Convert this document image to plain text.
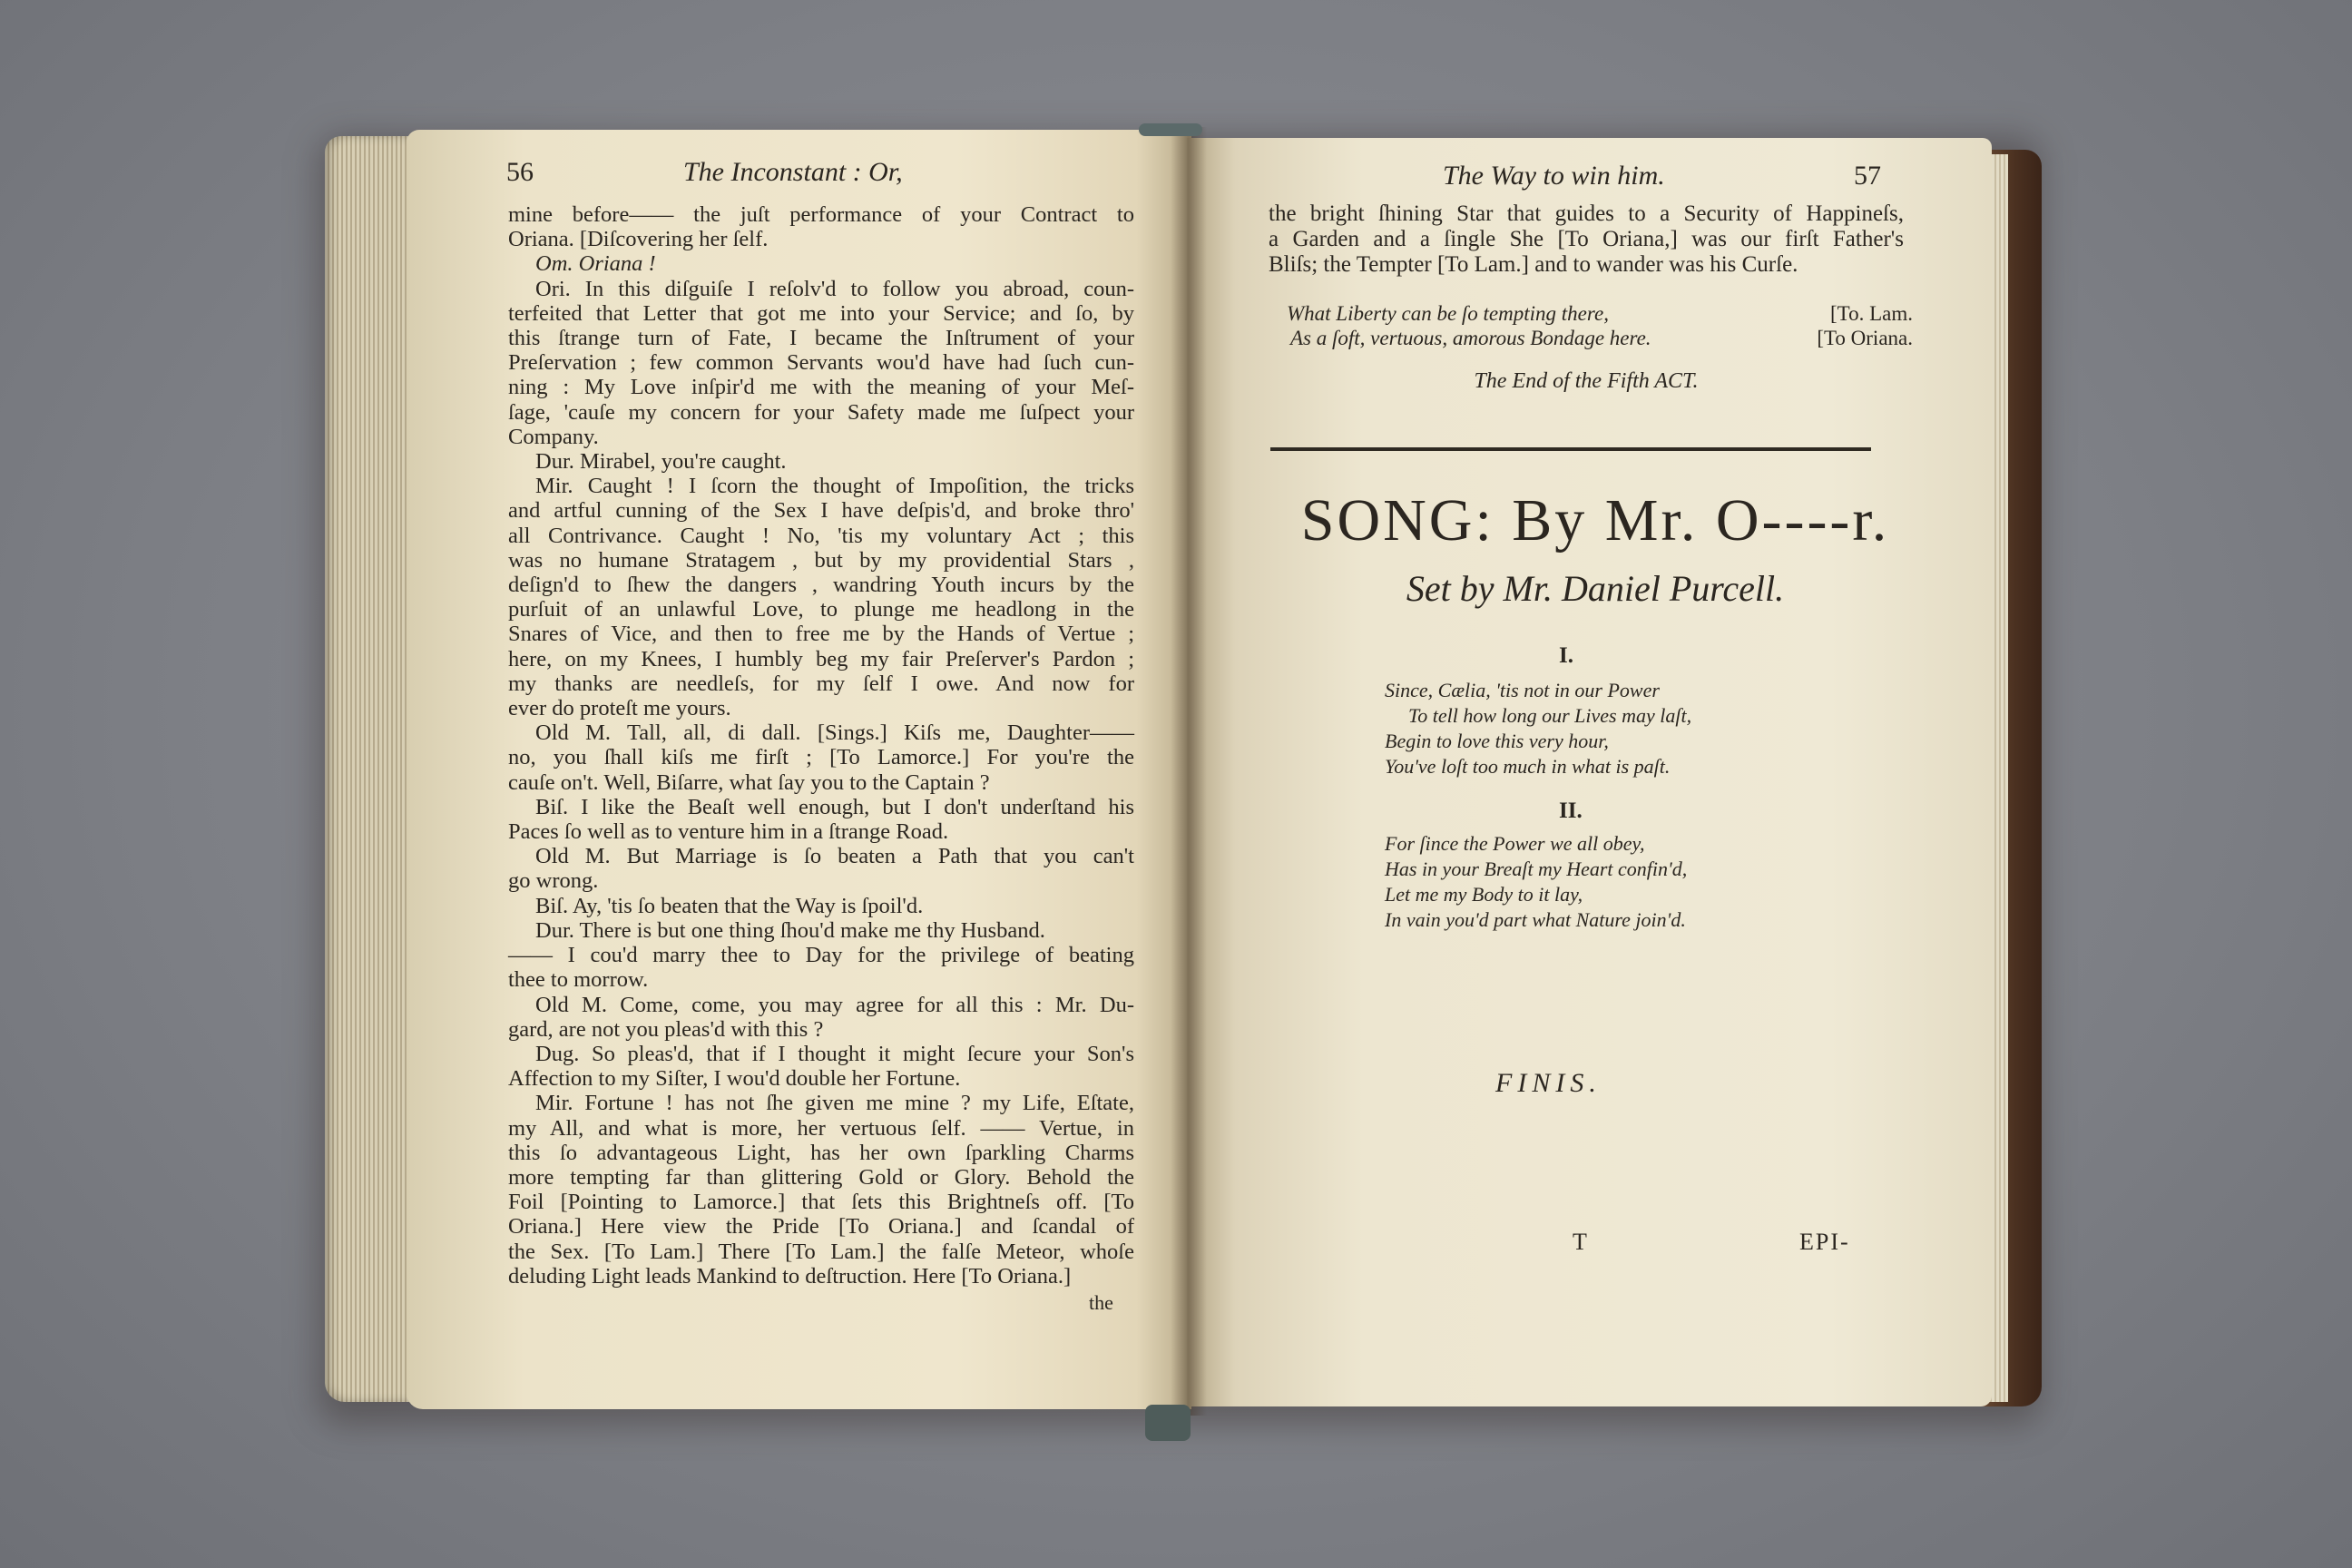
56	The Inconstant : Or,
mine before—— the juſt performance of your Contract to
Oriana. [Diſcovering her ſelf.
Om. Oriana !
Ori. In this diſguiſe I reſolv'd to follow you abroad, coun-
terfeited that Letter that got me into your Service; and ſo, by
this ſtrange turn of Fate, I became the Inſtrument of your
Preſervation ; few common Servants wou'd have had ſuch cun-
ning : My Love inſpir'd me with the meaning of your Meſ-
ſage, 'cauſe my concern for your Safety made me ſuſpect your
Company.
Dur. Mirabel, you're caught.
Mir. Caught ! I ſcorn the thought of Impoſition, the tricks
and artful cunning of the Sex I have deſpis'd, and broke thro'
all Contrivance. Caught ! No, 'tis my voluntary Act ; this
was no humane Stratagem , but by my providential Stars ,
deſign'd to ſhew the dangers , wandring Youth incurs by the
purſuit of an unlawful Love, to plunge me headlong in the
Snares of Vice, and then to free me by the Hands of Vertue ;
here, on my Knees, I humbly beg my fair Preſerver's Pardon ;
my thanks are needleſs, for my ſelf I owe. And now for
ever do proteſt me yours.
Old M. Tall, all, di dall. [Sings.] Kiſs me, Daughter——
no, you ſhall kiſs me firſt ; [To Lamorce.] For you're the
cauſe on't. Well, Biſarre, what ſay you to the Captain ?
Biſ. I like the Beaſt well enough, but I don't underſtand his
Paces ſo well as to venture him in a ſtrange Road.
Old M. But Marriage is ſo beaten a Path that you can't
go wrong.
Biſ. Ay, 'tis ſo beaten that the Way is ſpoil'd.
Dur. There is but one thing ſhou'd make me thy Husband.
—— I cou'd marry thee to Day for the privilege of beating
thee to morrow.
Old M. Come, come, you may agree for all this : Mr. Du-
gard, are not you pleas'd with this ?
Dug. So pleas'd, that if I thought it might ſecure your Son's
Affection to my Siſter, I wou'd double her Fortune.
Mir. Fortune ! has not ſhe given me mine ? my Life, Eſtate,
my All, and what is more, her vertuous ſelf. —— Vertue, in
this ſo advantageous Light, has her own ſparkling Charms
more tempting far than glittering Gold or Glory. Behold the
Foil [Pointing to Lamorce.] that ſets this Brightneſs off. [To
Oriana.] Here view the Pride [To Oriana.] and ſcandal of
the Sex. [To Lam.] There [To Lam.] the falſe Meteor, whoſe
deluding Light leads Mankind to deſtruction. Here [To Oriana.]
the
The Way to win him.	57
the bright ſhining Star that guides to a Security of Happineſs,
a Garden and a ſingle She [To Oriana,] was our firſt Father's
Bliſs; the Tempter [To Lam.] and to wander was his Curſe.
What Liberty can be ſo tempting there,	[To. Lam.
As a ſoft, vertuous, amorous Bondage here.	[To Oriana.
The End of the Fifth ACT.
SONG: By Mr. O----r.
Set by Mr. Daniel Purcell.
I.
Since, Cælia, 'tis not in our Power
To tell how long our Lives may laſt,
Begin to love this very hour,
You've loſt too much in what is paſt.
II.
For ſince the Power we all obey,
Has in your Breaſt my Heart confin'd,
Let me my Body to it lay,
In vain you'd part what Nature join'd.
FINIS.
T	EPI-
